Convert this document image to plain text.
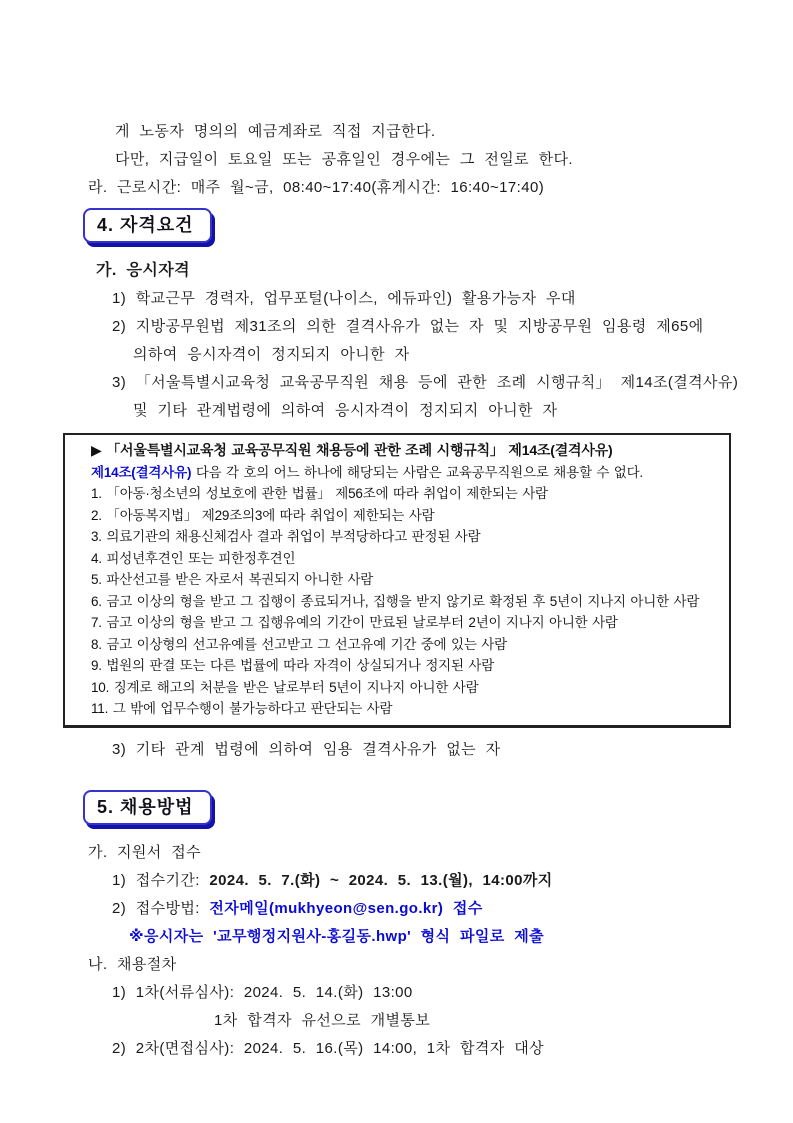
게 노동자 명의의 예금계좌로 직접 지급한다.
다만, 지급일이 토요일 또는 공휴일인 경우에는 그 전일로 한다.
라. 근로시간: 매주 월~금, 08:40~17:40(휴게시간: 16:40~17:40)
4. 자격요건
가. 응시자격
1) 학교근무 경력자, 업무포털(나이스, 에듀파인) 활용가능자 우대
2) 지방공무원법 제31조의 의한 결격사유가 없는 자 및 지방공무원 임용령 제65에
의하여 응시자격이 정지되지 아니한 자
3) 「서울특별시교육청 교육공무직원 채용 등에 관한 조례 시행규칙」 제14조(결격사유)
및 기타 관계법령에 의하여 응시자격이 정지되지 아니한 자
▶ 「서울특별시교육청 교육공무직원 채용등에 관한 조례 시행규칙」 제14조(결격사유)
제14조(결격사유) 다음 각 호의 어느 하나에 해당되는 사람은 교육공무직원으로 채용할 수 없다.
1. 「아동·청소년의 성보호에 관한 법률」 제56조에 따라 취업이 제한되는 사람
2. 「아동복지법」 제29조의3에 따라 취업이 제한되는 사람
3. 의료기관의 채용신체검사 결과 취업이 부적당하다고 판정된 사람
4. 피성년후견인 또는 피한정후견인
5. 파산선고를 받은 자로서 복권되지 아니한 사람
6. 금고 이상의 형을 받고 그 집행이 종료되거나, 집행을 받지 않기로 확정된 후 5년이 지나지 아니한 사람
7. 금고 이상의 형을 받고 그 집행유예의 기간이 만료된 날로부터 2년이 지나지 아니한 사람
8. 금고 이상형의 선고유예를 선고받고 그 선고유예 기간 중에 있는 사람
9. 법원의 판결 또는 다른 법률에 따라 자격이 상실되거나 정지된 사람
10. 징계로 해고의 처분을 받은 날로부터 5년이 지나지 아니한 사람
11. 그 밖에 업무수행이 불가능하다고 판단되는 사람
3) 기타 관계 법령에 의하여 임용 결격사유가 없는 자
5. 채용방법
가. 지원서 접수
1) 접수기간: 2024. 5. 7.(화) ~ 2024. 5. 13.(월), 14:00까지
2) 접수방법: 전자메일(mukhyeon@sen.go.kr) 접수
※응시자는 '교무행정지원사-홍길동.hwp' 형식 파일로 제출
나. 채용절차
1) 1차(서류심사): 2024. 5. 14.(화) 13:00
1차 합격자 유선으로 개별통보
2) 2차(면접심사): 2024. 5. 16.(목) 14:00, 1차 합격자 대상
